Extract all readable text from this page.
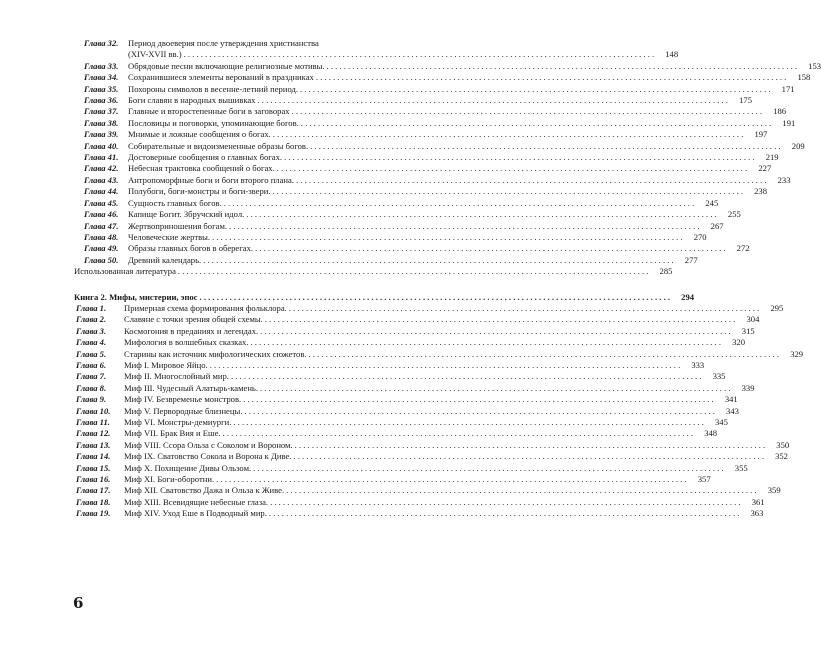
Глава 32.	Период двоеверия после утверждения христианства
(XIV-XVII вв.) . . .	148
Глава 33.	Обрядовые песни включающие религиозные мотивы. . . .	153
Глава 34.	Сохранившиеся элементы верований в праздниках . . .	158
Глава 35.	Похороны символов в весенне-летний период. . . .	171
Глава 36.	Боги славян в народных вышивках . . .	175
Глава 37.	Главные и второстепенные боги в заговорах . . .	186
Глава 38.	Пословицы и поговорки, упоминающие богов. . . .	191
Глава 39.	Мнимые и ложные сообщения о богах. . . .	197
Глава 40.	Собирательные и видоизмененные образы богов. . . .	209
Глава 41.	Достоверные сообщения о главных богах. . . .	219
Глава 42.	Небесная трактовка сообщений о богах. . . .	227
Глава 43.	Антропоморфные боги и боги второго плана. . . .	233
Глава 44.	Полубоги, боги-монстры и боги-звери. . . .	238
Глава 45.	Сущность главных богов. . . .	245
Глава 46.	Капище Богит. Збручский идол. . . .	255
Глава 47.	Жертвоприношения богам. . . .	267
Глава 48.	Человеческие жертвы. . . .	270
Глава 49.	Образы главных богов в оберегах. . . .	272
Глава 50.	Древний календарь. . . .	277
Использованная литература . . .	285
Книга 2. Мифы, мистерии, эпос . . .	294
Глава 1.	Примерная схема формирования фольклора. . . .	295
Глава 2.	Славяне с точки зрения общей схемы. . . .	304
Глава 3.	Космогония в преданиях и легендах. . . .	315
Глава 4.	Мифология в волшебных сказках. . . .	320
Глава 5.	Старины как источник мифологических сюжетов. . . .	329
Глава 6.	Миф I. Мировое Яйцо. . . .	333
Глава 7.	Миф II. Многослойный мир. . . .	335
Глава 8.	Миф III. Чудесный Алатырь-камень. . . .	339
Глава 9.	Миф IV. Безвременье монстров. . . .	341
Глава 10.	Миф V. Первородные близнецы. . . .	343
Глава 11.	Миф VI. Монстры-демиурги. . . .	345
Глава 12.	Миф VII. Брак Вия и Еше. . . .	348
Глава 13.	Миф VIII. Ссора Ольза с Соколом и Вороном. . . .	350
Глава 14.	Миф IX. Сватовство Сокола и Ворона к Диве. . . .	352
Глава 15.	Миф X. Похищение Дивы Ользом. . . .	355
Глава 16.	Миф XI. Боги-оборотни. . . .	357
Глава 17.	Миф XII. Сватовство Дажа и Ольза к Живе. . . .	359
Глава 18.	Миф XIII. Всевидящие небесные глаза. . . .	361
Глава 19.	Миф XIV. Уход Еше в Подводный мир. . . .	363
6
